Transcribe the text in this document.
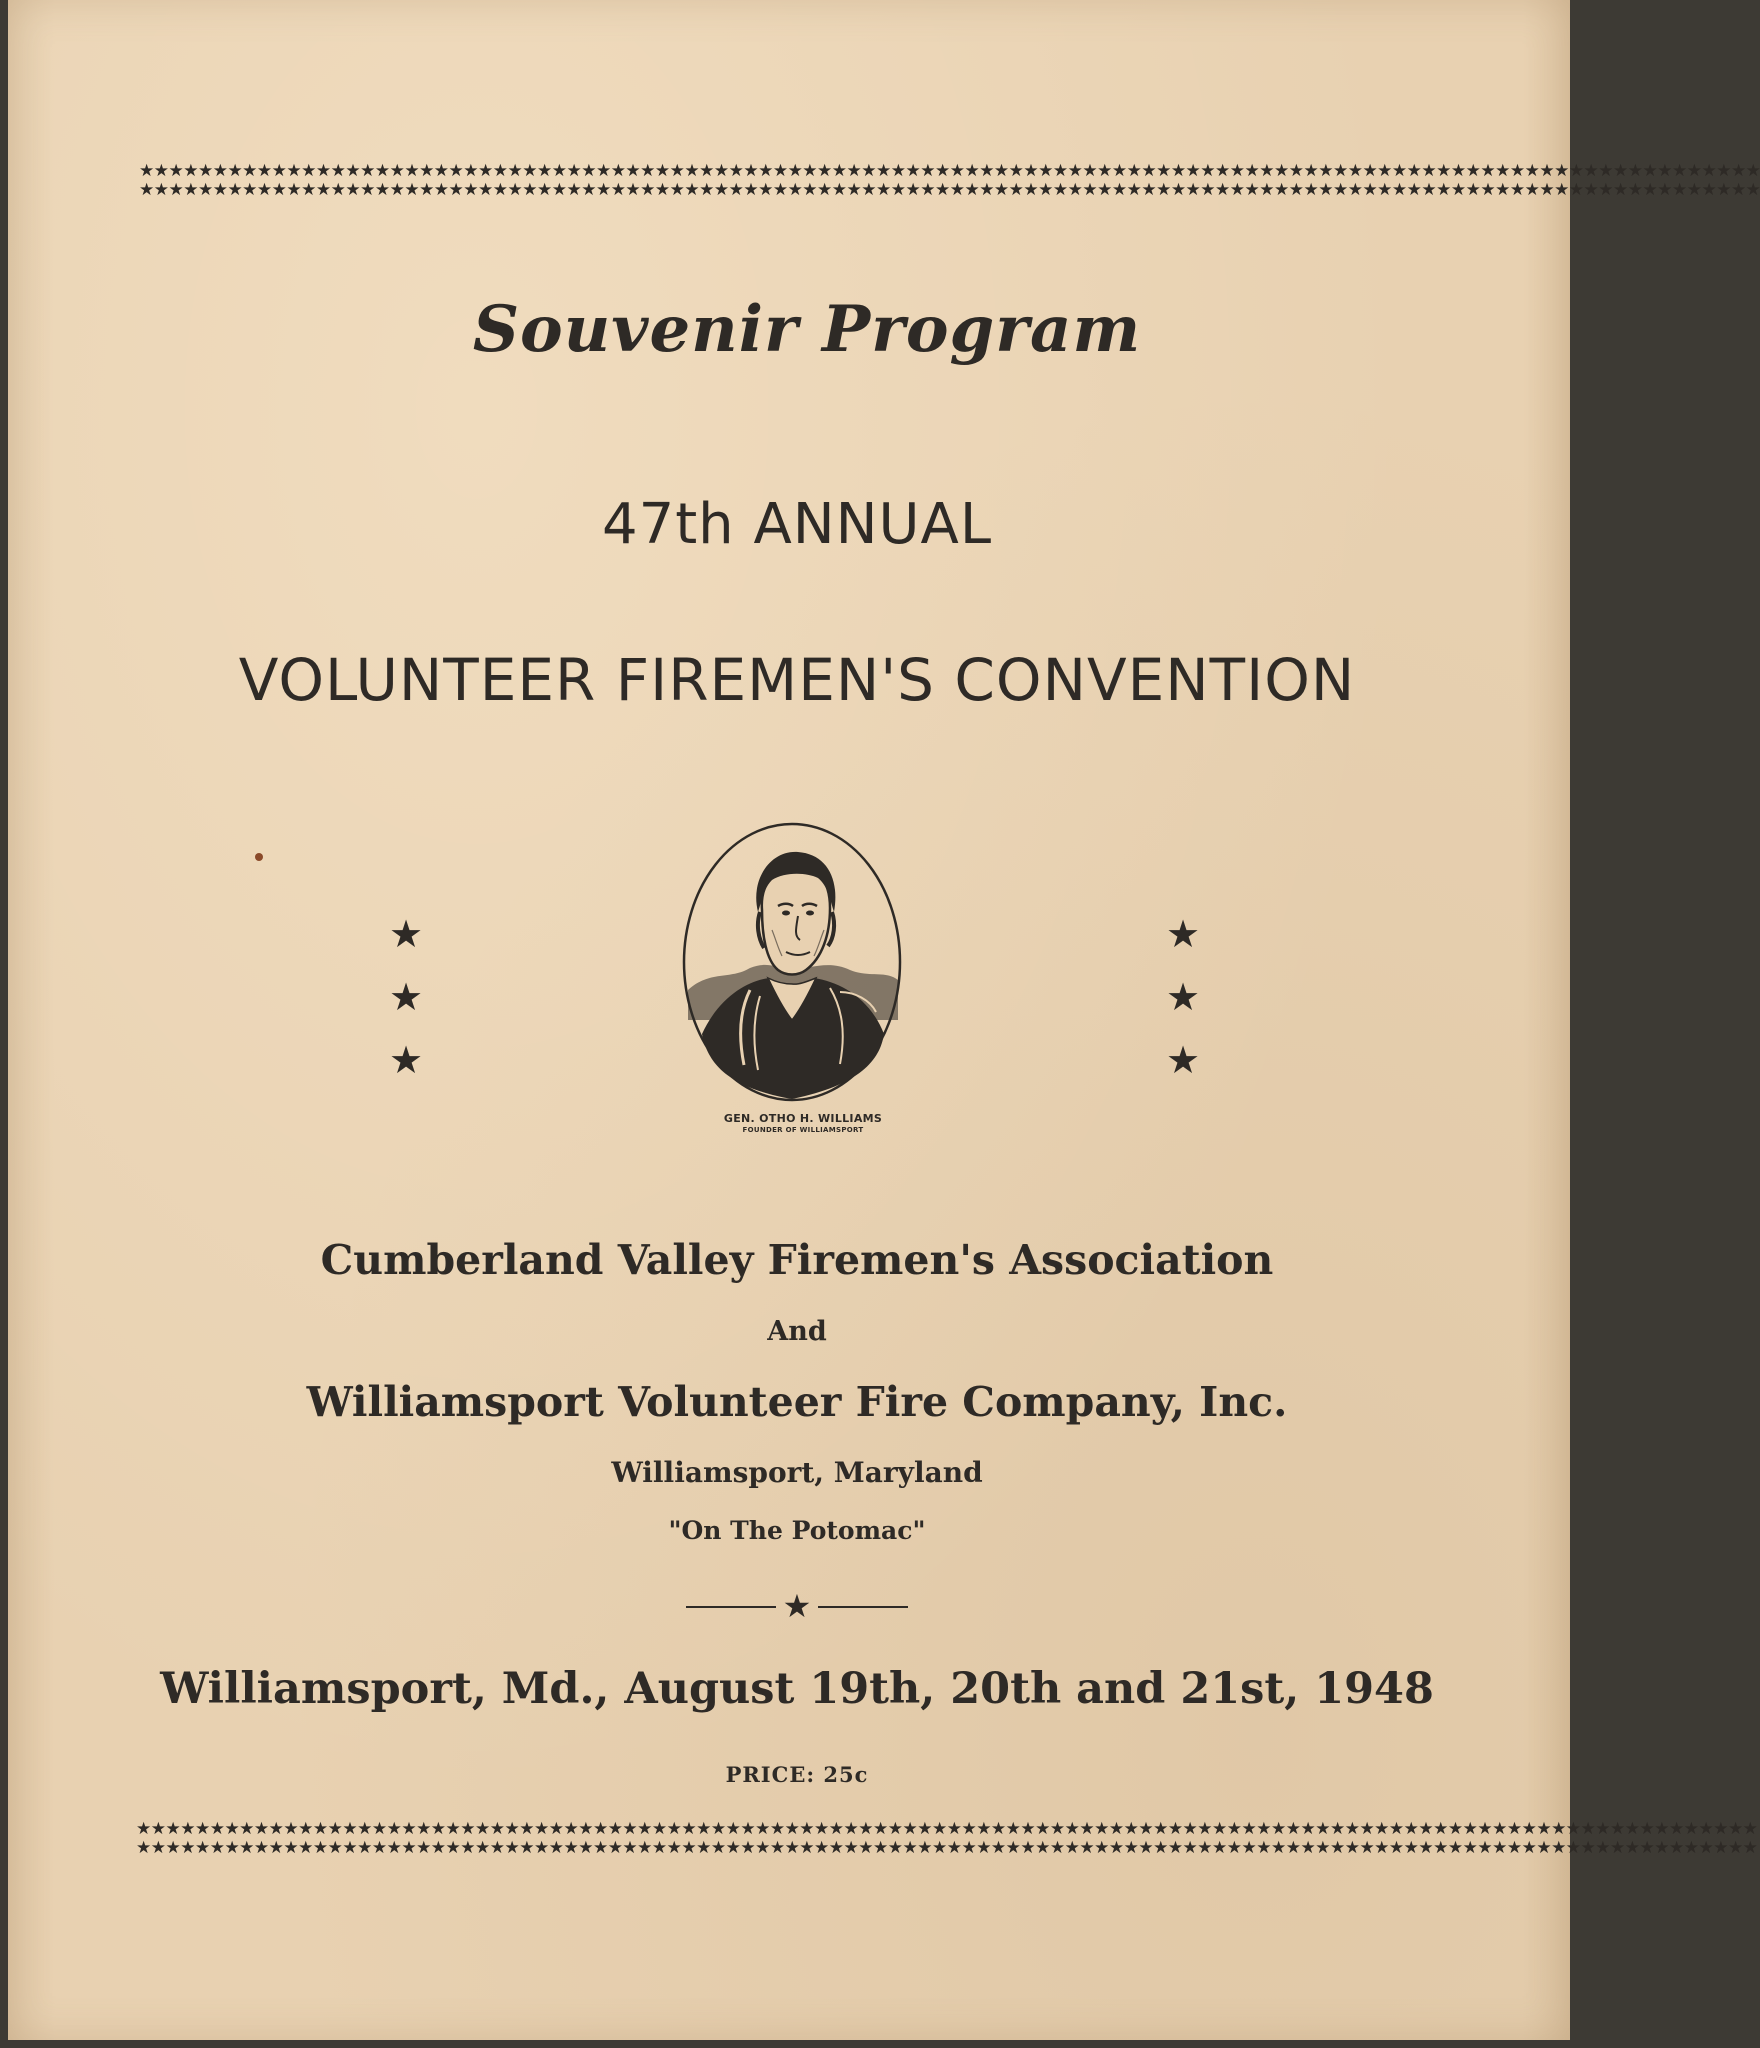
★★★★★★★★★★★★★★★★★★★★★★★★★★★★★★★★★★★★★★★★★★★★★★★★★★★★★★★★★★★★★★★★★★★★★★★★★★★★★★★★★★★★★★★★★★★★★★★★★★★★★★★★★★★★★★
★★★★★★★★★★★★★★★★★★★★★★★★★★★★★★★★★★★★★★★★★★★★★★★★★★★★★★★★★★★★★★★★★★★★★★★★★★★★★★★★★★★★★★★★★★★★★★★★★★★★★★★★★★★★★★
★★★★★★★★★★★★★★★★★★★★★★★★★★★★★★★★★★★★★★★★★★★★★★★★★★★★★★★★★★★★★★★★★★★★★★★★★★★★★★★★★★★★★★★★★★★★★★★★★★★★★★★★★★★★★★
★★★★★★★★★★★★★★★★★★★★★★★★★★★★★★★★★★★★★★★★★★★★★★★★★★★★★★★★★★★★★★★★★★★★★★★★★★★★★★★★★★★★★★★★★★★★★★★★★★★★★★★★★★★★★★
★
★
★
★
★
★
Souvenir Program
47th ANNUAL
VOLUNTEER FIREMEN'S CONVENTION
GEN. OTHO H. WILLIAMS
FOUNDER OF WILLIAMSPORT
Cumberland Valley Firemen's Association
And
Williamsport Volunteer Fire Company, Inc.
Williamsport, Maryland
"On The Potomac"
★
Williamsport, Md., August 19th, 20th and 21st, 1948
PRICE: 25c
